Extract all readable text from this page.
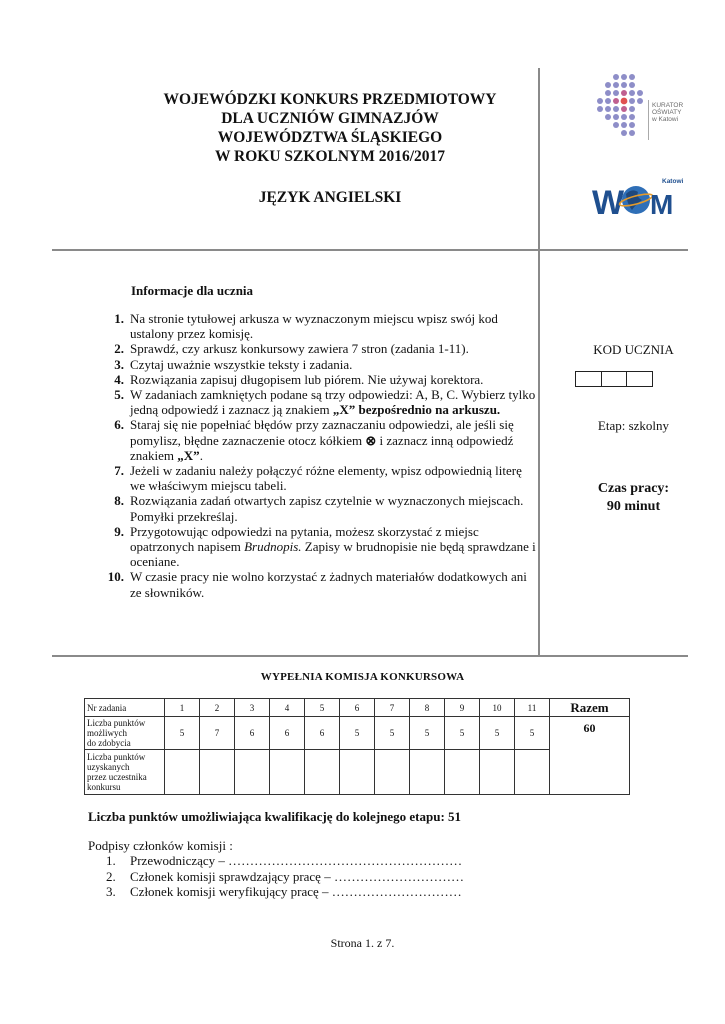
WOJEWÓDZKI KONKURS PRZEDMIOTOWY
DLA UCZNIÓW GIMNAZJÓW
WOJEWÓDZTWA ŚLĄSKIEGO
W ROKU SZKOLNYM 2016/2017
JĘZYK ANGIELSKI
KURATOR
OŚWIATY
w Katowi
W M
Katowi
Informacje dla ucznia
1. Na stronie tytułowej arkusza w wyznaczonym miejscu wpisz swój kod ustalony przez komisję.
2. Sprawdź, czy arkusz konkursowy zawiera 7 stron (zadania 1-11).
3. Czytaj uważnie wszystkie teksty i zadania.
4. Rozwiązania zapisuj długopisem lub piórem. Nie używaj korektora.
5. W zadaniach zamkniętych podane są trzy odpowiedzi: A, B, C. Wybierz tylko jedną odpowiedź i zaznacz ją znakiem „X” bezpośrednio na arkuszu.
6. Staraj się nie popełniać błędów przy zaznaczaniu odpowiedzi, ale jeśli się pomylisz, błędne zaznaczenie otocz kółkiem ⊗ i zaznacz inną odpowiedź znakiem „X”.
7. Jeżeli w zadaniu należy połączyć różne elementy, wpisz odpowiednią literę we właściwym miejscu tabeli.
8. Rozwiązania zadań otwartych zapisz czytelnie w wyznaczonych miejscach. Pomyłki przekreślaj.
9. Przygotowując odpowiedzi na pytania, możesz skorzystać z miejsc opatrzonych napisem Brudnopis. Zapisy w brudnopisie nie będą sprawdzane i oceniane.
10. W czasie pracy nie wolno korzystać z żadnych materiałów dodatkowych ani ze słowników.
KOD UCZNIA
Etap: szkolny
Czas pracy:
90 minut
WYPEŁNIA KOMISJA KONKURSOWA
Nr zadania	1	2	3	4	5	6	7	8	9	10	11	Razem

Liczba punktów
możliwych
do zdobycia	5	7	6	6	6	5	5	5	5	5	5	60

Liczba punktów
uzyskanych
przez uczestnika
konkursu												

Liczba punktów umożliwiająca kwalifikację do kolejnego etapu: 51
Podpisy członków komisji :
1. Przewodniczący – ………………………………………………
2. Członek komisji sprawdzający pracę – …………………………
3. Członek komisji weryfikujący pracę – …………………………
Strona 1. z 7.
